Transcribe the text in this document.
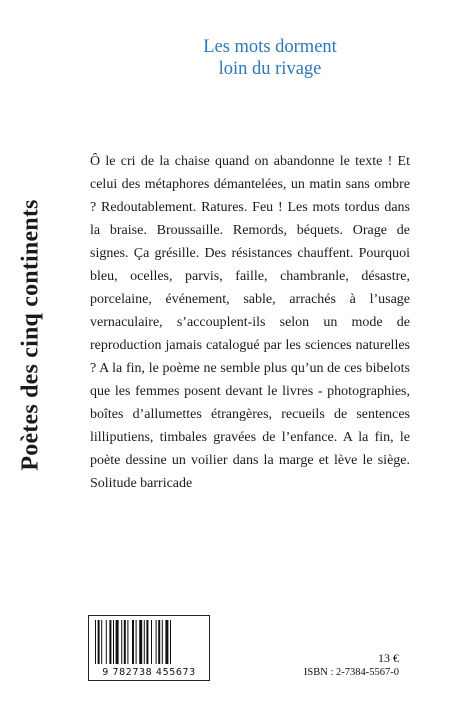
Poètes des cinq continents
Les mots dorment
loin du rivage

Ô le cri de la chaise quand on abandonne le texte ! Et celui des métaphores démantelées, un matin sans ombre ? Redoutablement. Ratures. Feu ! Les mots tordus dans la braise. Broussaille. Remords, béquets. Orage de signes. Ça grésille. Des résistances chauffent. Pourquoi bleu, ocelles, parvis, faille, chambranle, désastre, porcelaine, événement, sable, arrachés à l’usage vernaculaire, s’accouplent-ils selon un mode de reproduction jamais catalogué par les sciences naturelles ? A la fin, le poème ne semble plus qu’un de ces bibelots que les femmes posent devant le livres - photographies, boîtes d’allumettes étrangères, recueils de sentences lilliputiens, timbales gravées de l’enfance. A la fin, le poète dessine un voilier dans la marge et lève le siège. Solitude barricade

9 782738 455673
13 €
ISBN : 2-7384-5567-0
